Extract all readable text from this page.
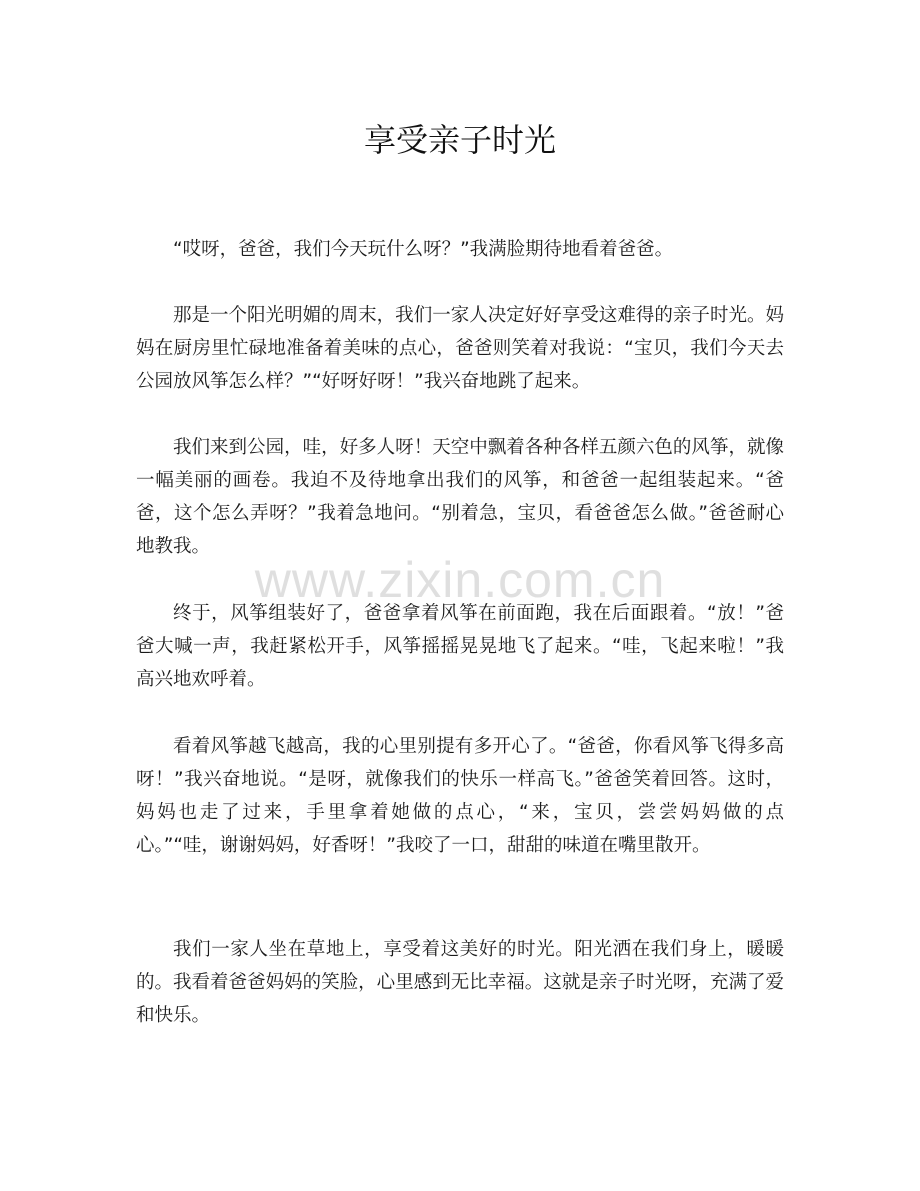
享受亲子时光

“哎呀，爸爸，我们今天玩什么呀？”我满脸期待地看着爸爸。

那是一个阳光明媚的周末，我们一家人决定好好享受这难得的亲子时光。妈妈在厨房里忙碌地准备着美味的点心，爸爸则笑着对我说：“宝贝，我们今天去公园放风筝怎么样？”“好呀好呀！”我兴奋地跳了起来。

我们来到公园，哇，好多人呀！天空中飘着各种各样五颜六色的风筝，就像一幅美丽的画卷。我迫不及待地拿出我们的风筝，和爸爸一起组装起来。“爸爸，这个怎么弄呀？”我着急地问。“别着急，宝贝，看爸爸怎么做。”爸爸耐心地教我。

终于，风筝组装好了，爸爸拿着风筝在前面跑，我在后面跟着。“放！”爸爸大喊一声，我赶紧松开手，风筝摇摇晃晃地飞了起来。“哇，飞起来啦！”我高兴地欢呼着。

看着风筝越飞越高，我的心里别提有多开心了。“爸爸，你看风筝飞得多高呀！”我兴奋地说。“是呀，就像我们的快乐一样高飞。”爸爸笑着回答。这时，妈妈也走了过来，手里拿着她做的点心，“来，宝贝，尝尝妈妈做的点心。”“哇，谢谢妈妈，好香呀！”我咬了一口，甜甜的味道在嘴里散开。

我们一家人坐在草地上，享受着这美好的时光。阳光洒在我们身上，暖暖的。我看着爸爸妈妈的笑脸，心里感到无比幸福。这就是亲子时光呀，充满了爱和快乐。

www.zixin.com.cn
